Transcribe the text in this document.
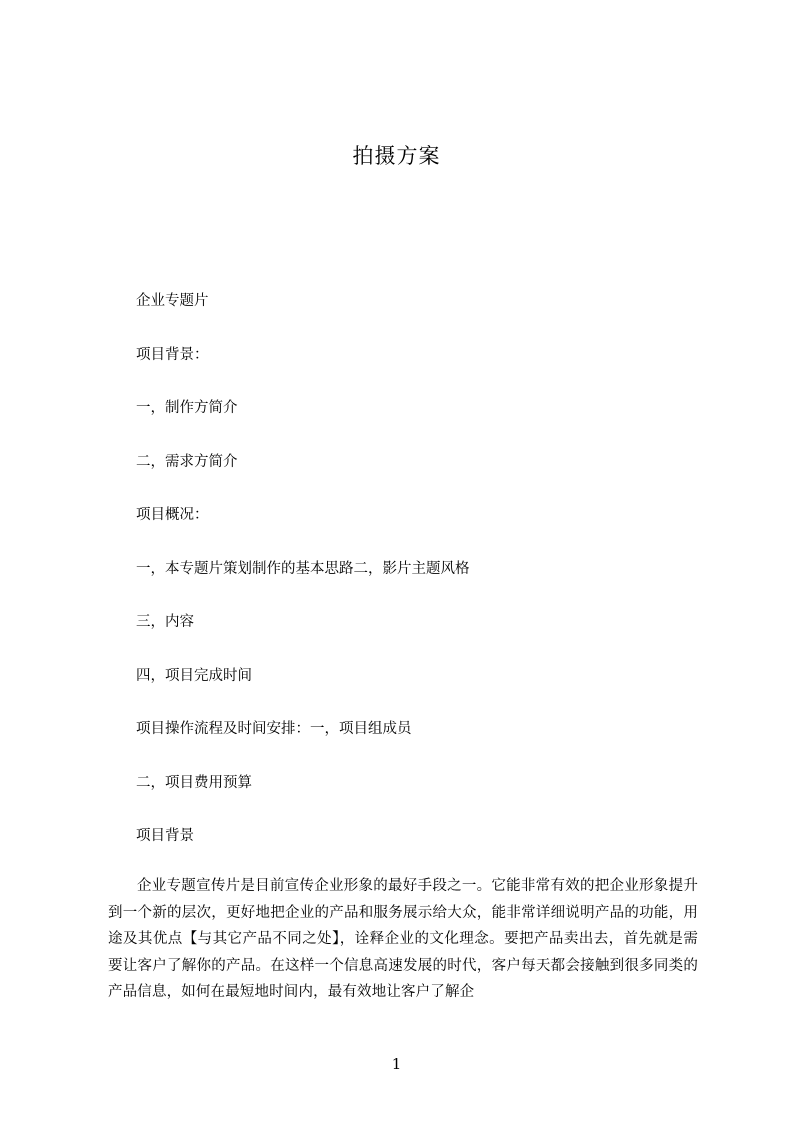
拍摄方案
企业专题片
项目背景：
一，制作方简介
二，需求方简介
项目概况：
一，本专题片策划制作的基本思路二，影片主题风格
三，内容
四，项目完成时间
项目操作流程及时间安排：一，项目组成员
二，项目费用预算
项目背景

企业专题宣传片是目前宣传企业形象的最好手段之一。它能非常有效的把企业形象提升到一个新的层次，更好地把企业的产品和服务展示给大众，能非常详细说明产品的功能，用途及其优点【与其它产品不同之处】，诠释企业的文化理念。要把产品卖出去，首先就是需要让客户了解你的产品。在这样一个信息高速发展的时代，客户每天都会接触到很多同类的产品信息，如何在最短地时间内，最有效地让客户了解企

1
